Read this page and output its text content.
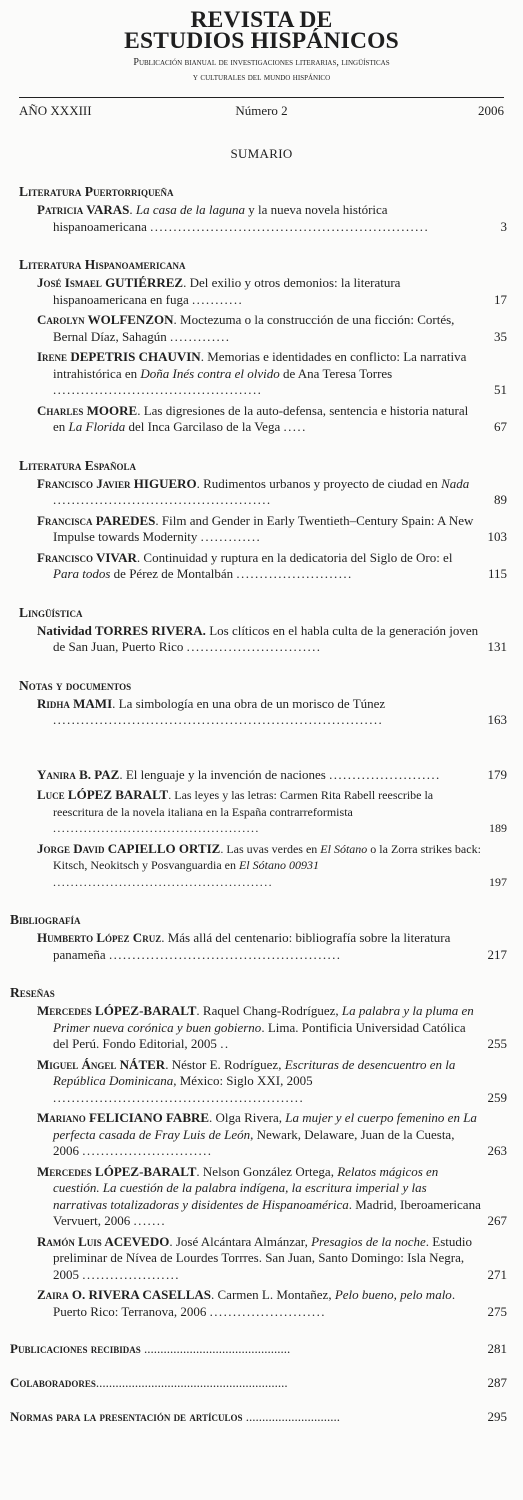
REVISTA DE
ESTUDIOS HISPÁNICOS
Publicación bianual de investigaciones literarias, lingüísticas
y culturales del mundo hispánico
AÑO XXXIII	Número 2	2006
SUMARIO
Literatura Puertorriqueña
Patricia VARAS. La casa de la laguna y la nueva novela histórica hispanoamericana ............................................................	3
Literatura Hispanoamericana
José Ismael GUTIÉRREZ. Del exilio y otros demonios: la literatura hispanoamericana en fuga ...........	17
Carolyn WOLFENZON. Moctezuma o la construcción de una ficción: Cortés, Bernal Díaz, Sahagún .............	35
Irene DEPETRIS CHAUVIN. Memorias e identidades en conflicto: La narrativa intrahistórica en Doña Inés contra el olvido de Ana Teresa Torres .............................................	51
Charles MOORE. Las digresiones de la auto-defensa, sentencia e historia natural en La Florida del Inca Garcilaso de la Vega .....	67
Literatura Española
Francisco Javier HIGUERO. Rudimentos urbanos y proyecto de ciudad en Nada ...............................................	89
Francisca PAREDES. Film and Gender in Early Twentieth–Century Spain: A New Impulse towards Modernity .............	103
Francisco VIVAR. Continuidad y ruptura en la dedicatoria del Siglo de Oro: el Para todos de Pérez de Montalbán .........................	115
Lingüística
Natividad TORRES RIVERA. Los clíticos en el habla culta de la generación joven de San Juan, Puerto Rico .............................	131
Notas y documentos
Ridha MAMI. La simbología en una obra de un morisco de Túnez .......................................................................	163
Yanira B. PAZ. El lenguaje y la invención de naciones ........................	179
Luce LÓPEZ BARALT. Las leyes y las letras: Carmen Rita Rabell reescribe la reescritura de la novela italiana en la España contrarreformista ...............................................	189
Jorge David CAPIELLO ORTIZ. Las uvas verdes en El Sótano o la Zorra strikes back: Kitsch, Neokitsch y Posvanguardia en El Sótano 00931 ..................................................	197
Bibliografía
Humberto López Cruz. Más allá del centenario: bibliografía sobre la literatura panameña ..................................................	217
Reseñas
Mercedes LÓPEZ-BARALT. Raquel Chang-Rodríguez, La palabra y la pluma en Primer nueva corónica y buen gobierno. Lima. Pontificia Universidad Católica del Perú. Fondo Editorial, 2005 ..	255
Miguel Ángel NÁTER. Néstor E. Rodríguez, Escrituras de desencuentro en la República Dominicana, México: Siglo XXI, 2005 ......................................................	259
Mariano FELICIANO FABRE. Olga Rivera, La mujer y el cuerpo femenino en La perfecta casada de Fray Luis de León, Newark, Delaware, Juan de la Cuesta, 2006 ............................	263
Mercedes LÓPEZ-BARALT. Nelson González Ortega, Relatos mágicos en cuestión. La cuestión de la palabra indígena, la escritura imperial y las narrativas totalizadoras y disidentes de Hispanoamérica. Madrid, Iberoamericana Vervuert, 2006 .......	267
Ramón Luis ACEVEDO. José Alcántara Almánzar, Presagios de la noche. Estudio preliminar de Nívea de Lourdes Torrres. San Juan, Santo Domingo: Isla Negra, 2005 .....................	271
Zaira O. RIVERA CASELLAS. Carmen L. Montañez, Pelo bueno, pelo malo. Puerto Rico: Terranova, 2006 .........................	275
Publicaciones recibidas .............................................	281
Colaboradores...........................................................	287
Normas para la presentación de artículos .............................	295
